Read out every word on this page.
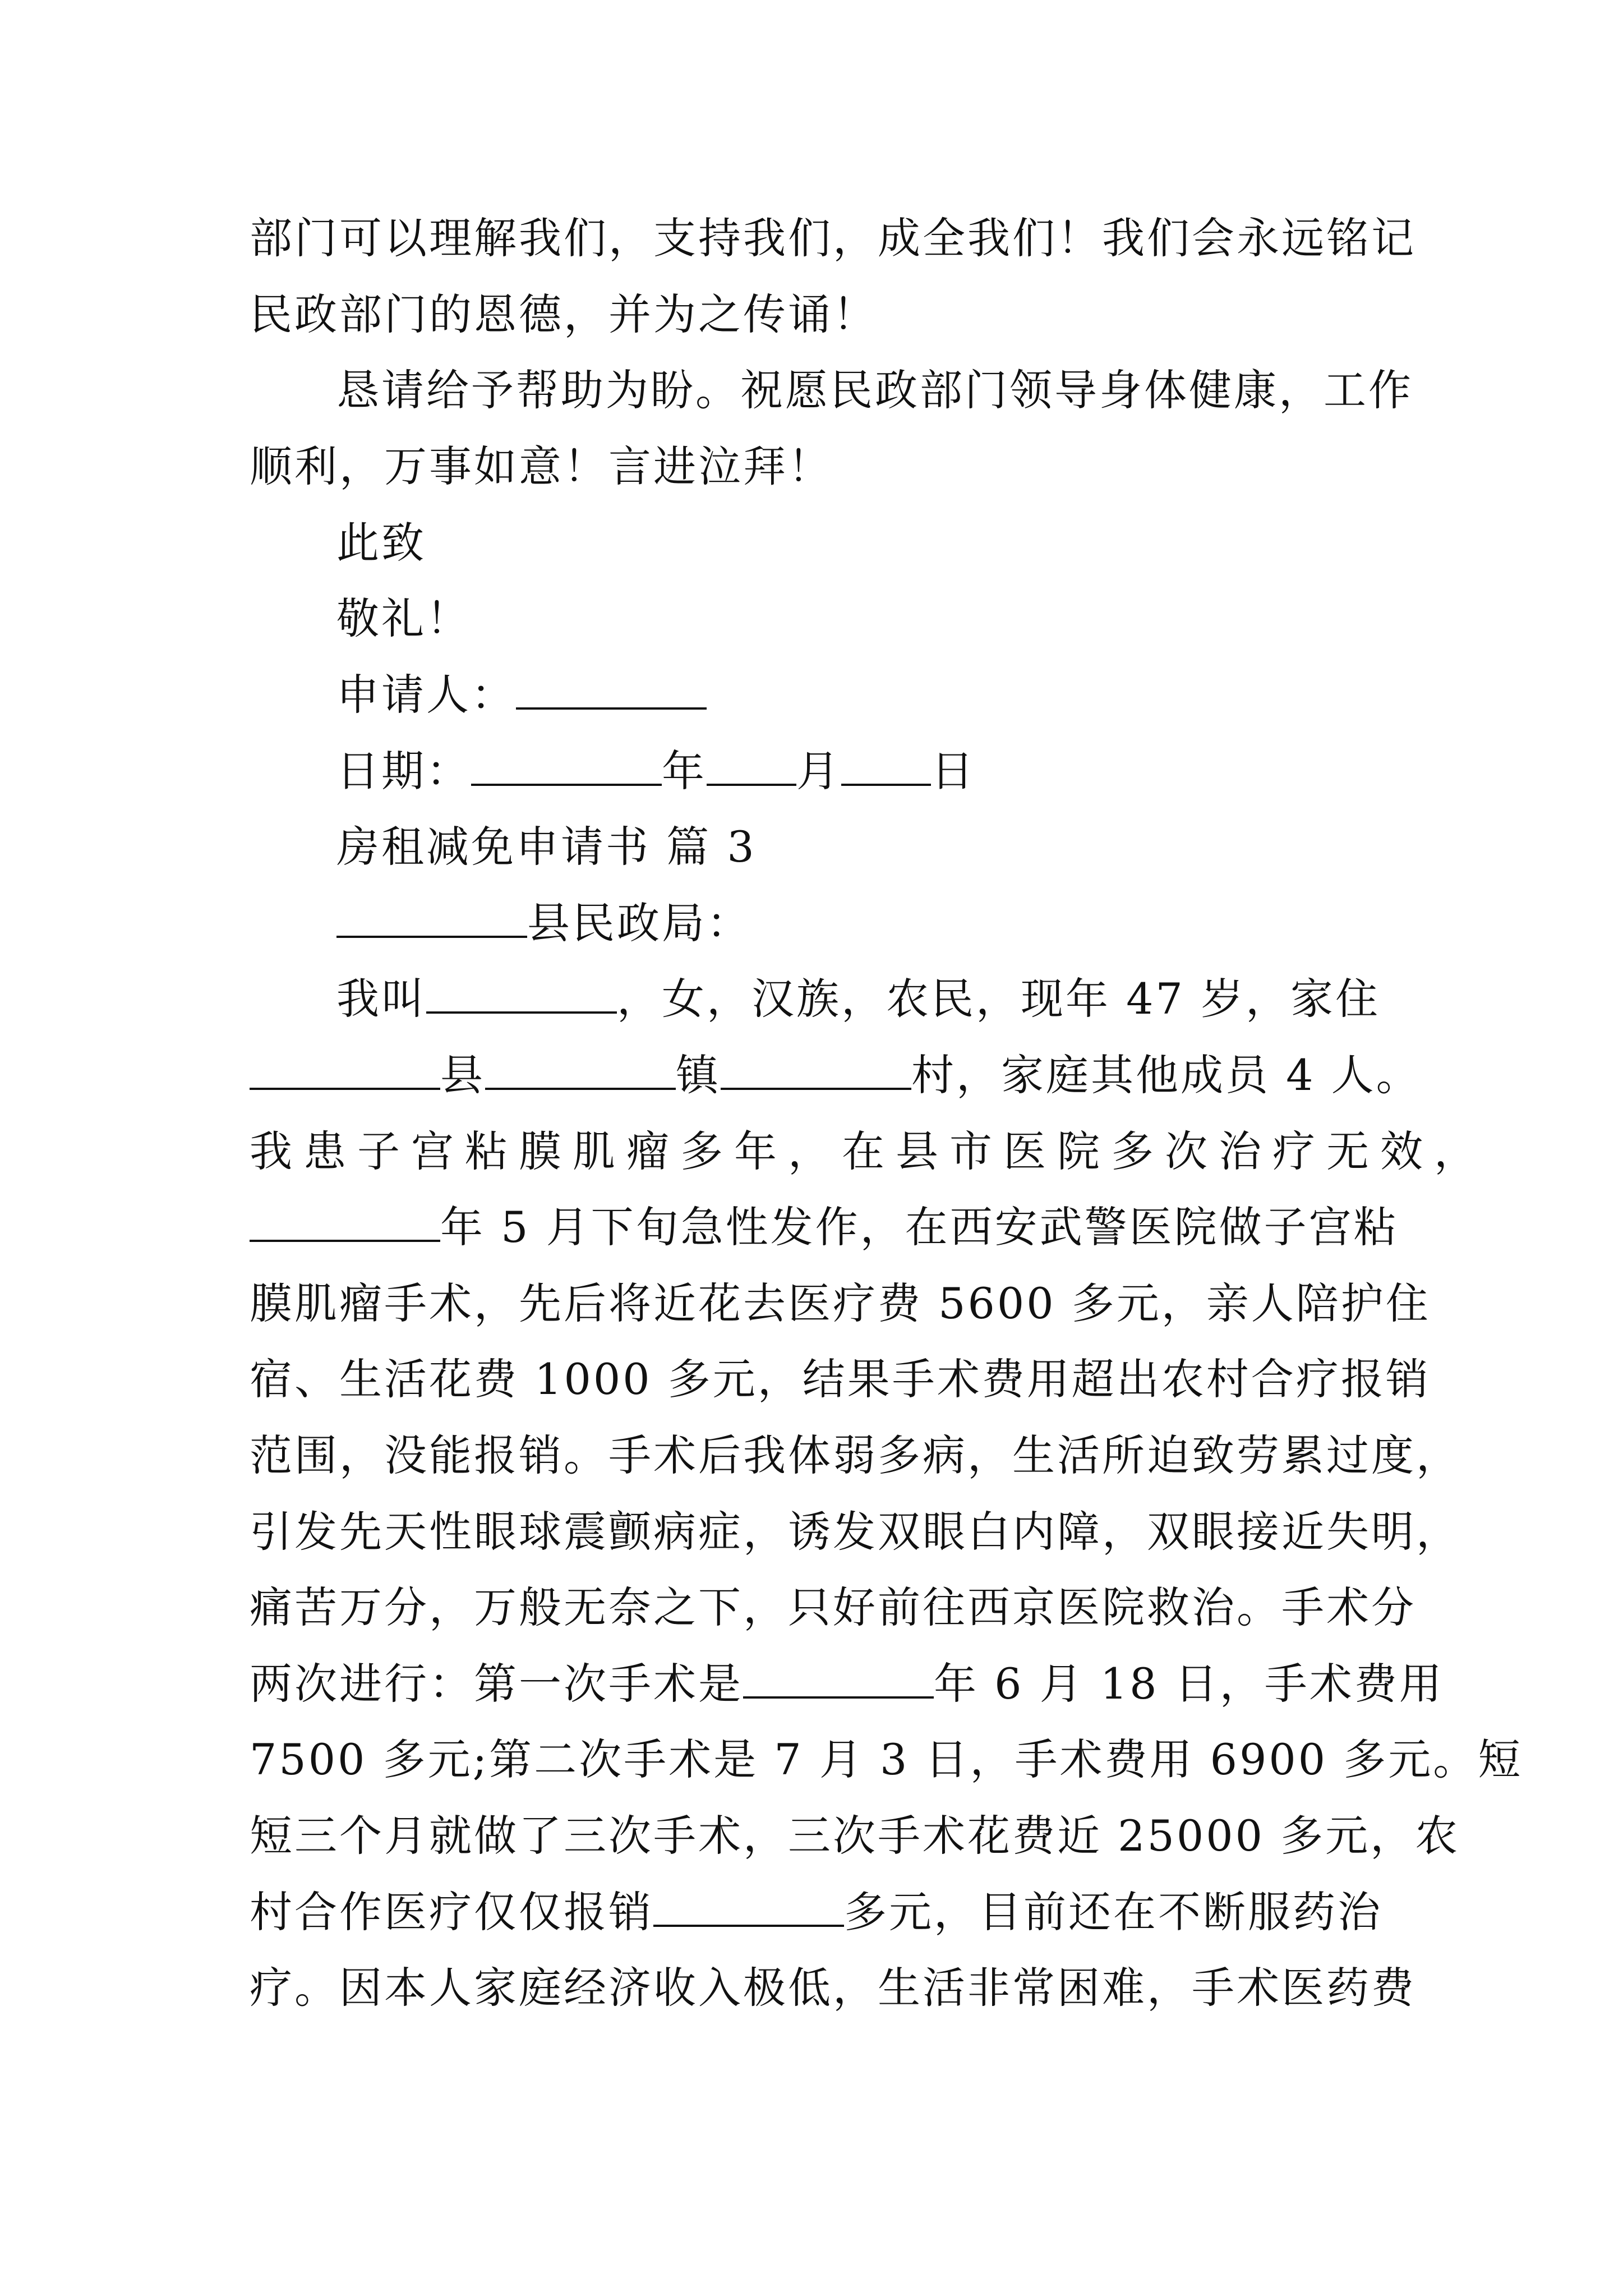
部门可以理解我们，支持我们，成全我们！我们会永远铭记
民政部门的恩德，并为之传诵！
恳请给予帮助为盼。祝愿民政部门领导身体健康，工作
顺利，万事如意！言进泣拜！
此致
敬礼！
申请人：
日期：	年 月 日
房租减免申请书 篇 3
县民政局：
我叫	，女，汉族，农民，现年 47 岁，家住
县	镇	村，家庭其他成员 4 人。
我患子宫粘膜肌瘤多年，在县市医院多次治疗无效，
年 5 月下旬急性发作，在西安武警医院做子宫粘
膜肌瘤手术，先后将近花去医疗费 5600 多元，亲人陪护住
宿、生活花费 1000 多元，结果手术费用超出农村合疗报销
范围，没能报销。手术后我体弱多病，生活所迫致劳累过度，
引发先天性眼球震颤病症，诱发双眼白内障，双眼接近失明，
痛苦万分，万般无奈之下，只好前往西京医院救治。手术分
两次进行：第一次手术是	年 6 月 18 日，手术费用
7500 多元;第二次手术是 7 月 3 日，手术费用 6900 多元。短
短三个月就做了三次手术，三次手术花费近 25000 多元，农
村合作医疗仅仅报销	多元，目前还在不断服药治
疗。因本人家庭经济收入极低，生活非常困难，手术医药费
